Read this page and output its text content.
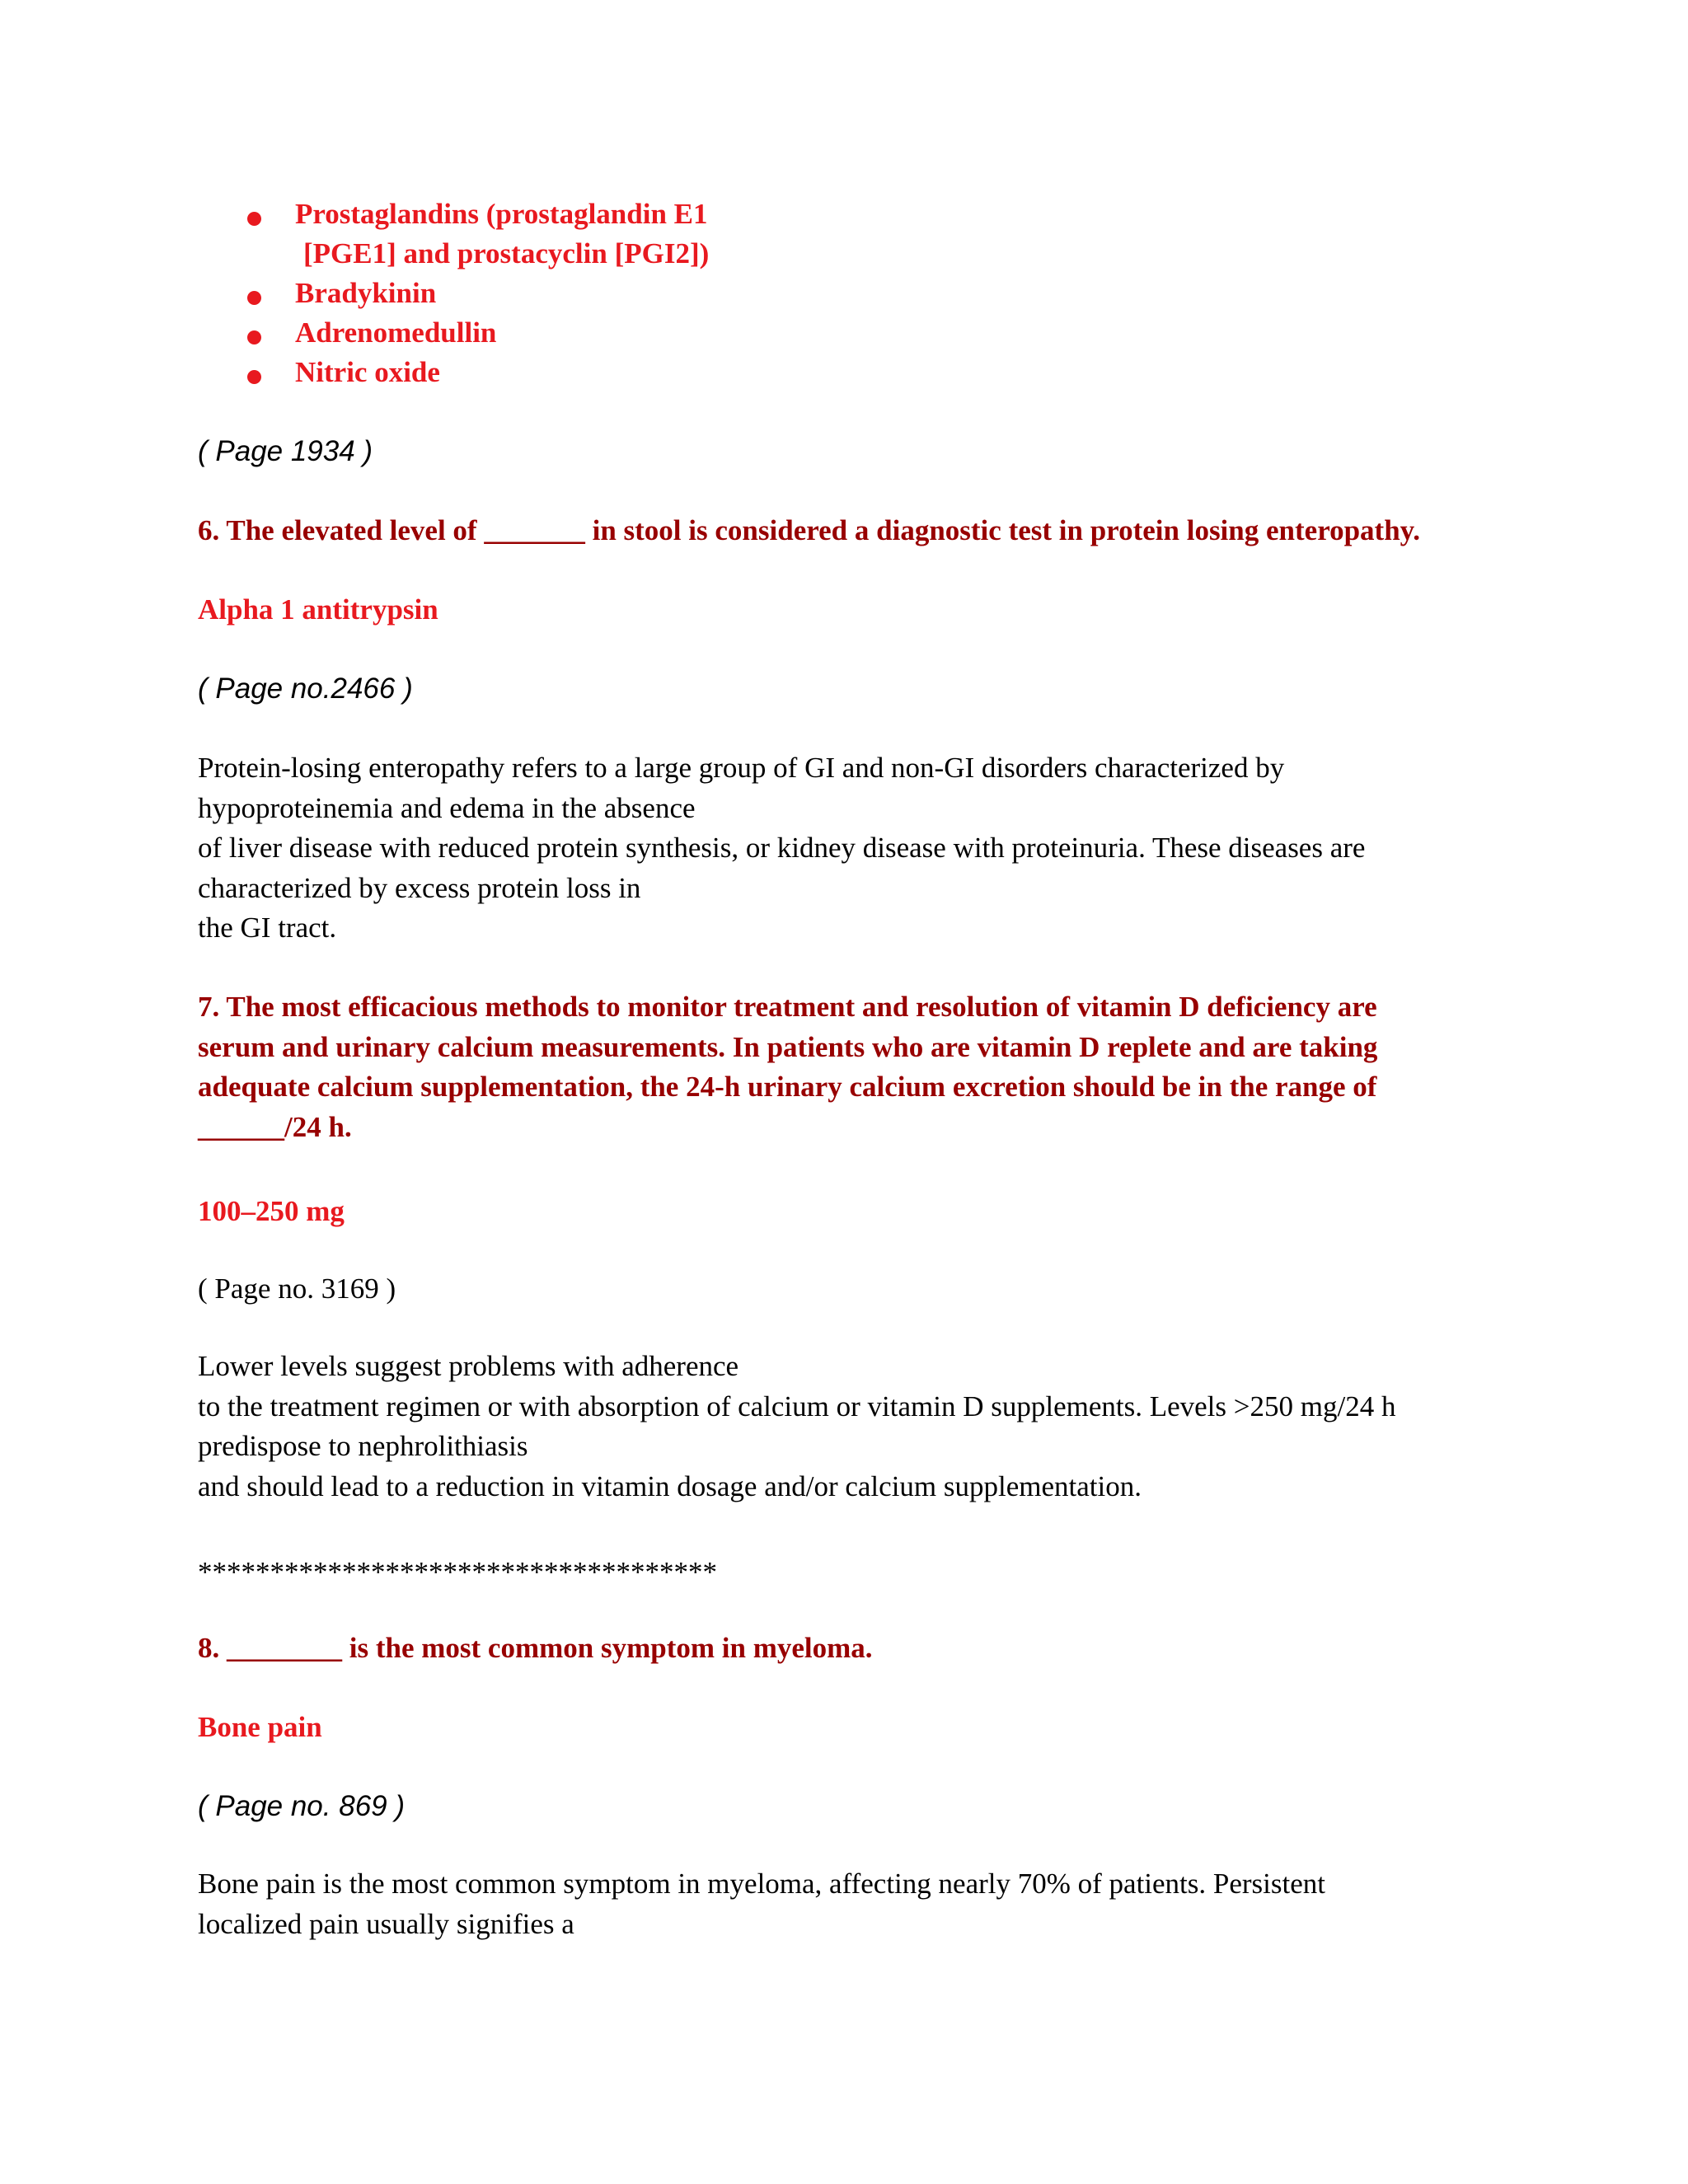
Prostaglandins (prostaglandin E1
[PGE1] and prostacyclin [PGI2])
Bradykinin
Adrenomedullin
Nitric oxide

( Page 1934 )

6. The elevated level of _______ in stool is considered a diagnostic test in protein losing enteropathy.

Alpha 1 antitrypsin

( Page no.2466 )

Protein-losing enteropathy refers to a large group of GI and non-GI disorders characterized by
hypoproteinemia and edema in the absence
of liver disease with reduced protein synthesis, or kidney disease with proteinuria. These diseases are
characterized by excess protein loss in
the GI tract.
7. The most efficacious methods to monitor treatment and resolution of vitamin D deficiency are
serum and urinary calcium measurements. In patients who are vitamin D replete and are taking
adequate calcium supplementation, the 24-h urinary calcium excretion should be in the range of
______/24 h.

100–250 mg

( Page no. 3169 )

Lower levels suggest problems with adherence
to the treatment regimen or with absorption of calcium or vitamin D supplements. Levels >250 mg/24 h
predispose to nephrolithiasis
and should lead to a reduction in vitamin dosage and/or calcium supplementation.

************************************

8. ________ is the most common symptom in myeloma.

Bone pain

( Page no. 869 )

Bone pain is the most common symptom in myeloma, affecting nearly 70% of patients. Persistent
localized pain usually signifies a
